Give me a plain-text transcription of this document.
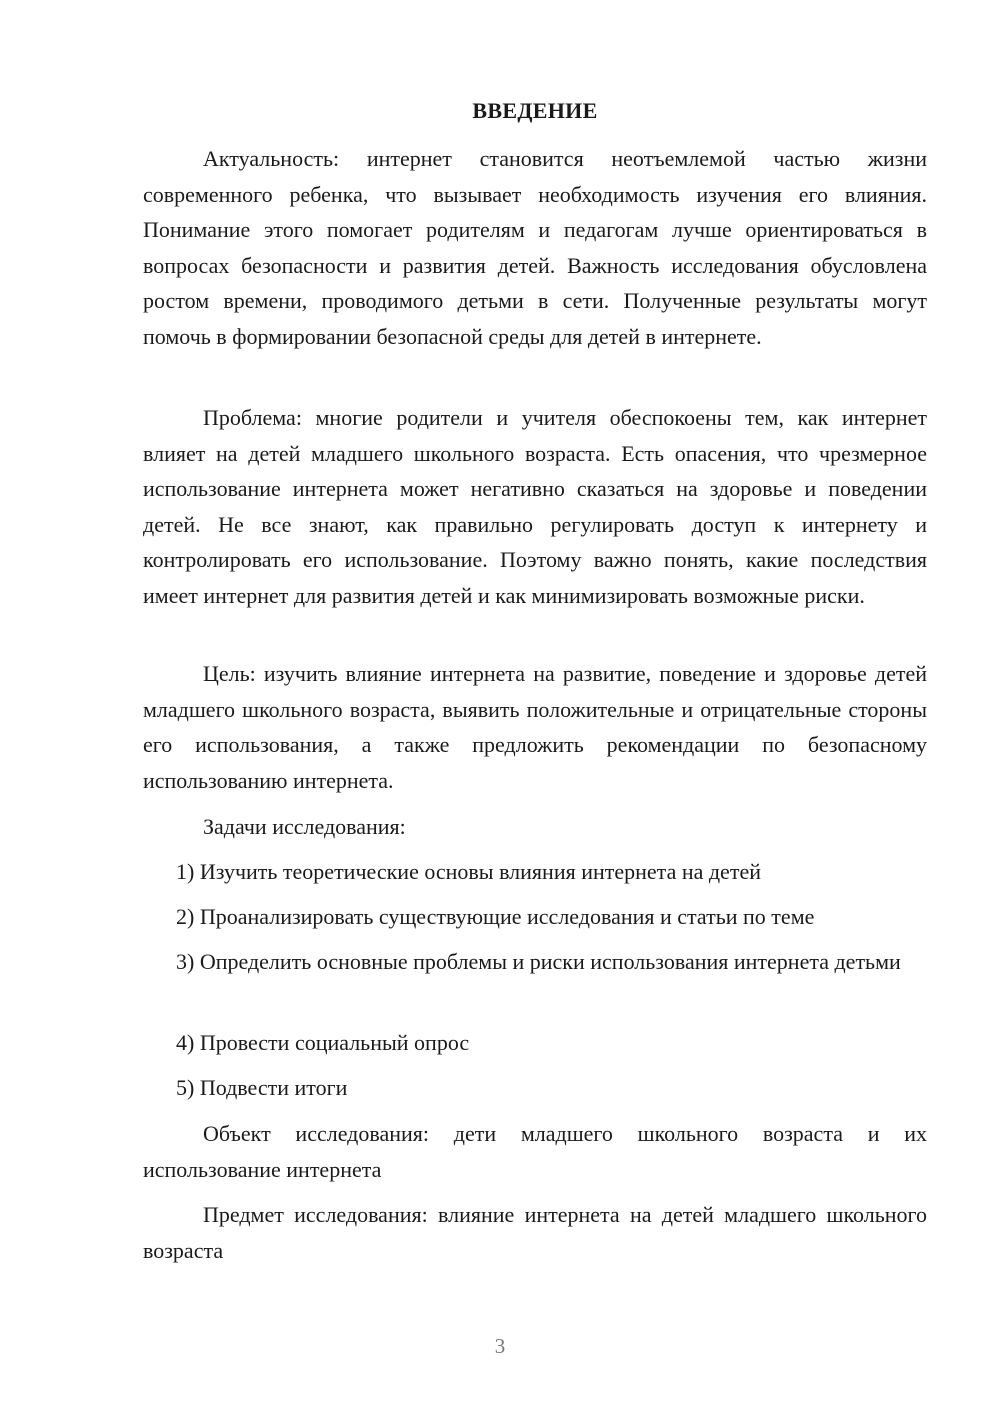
ВВЕДЕНИЕ

Актуальность: интернет становится неотъемлемой частью жизни современного ребенка, что вызывает необходимость изучения его влияния. Понимание этого помогает родителям и педагогам лучше ориентироваться в вопросах безопасности и развития детей. Важность исследования обусловлена ростом времени, проводимого детьми в сети. Полученные результаты могут помочь в формировании безопасной среды для детей в интернете.

Проблема: многие родители и учителя обеспокоены тем, как интернет влияет на детей младшего школьного возраста. Есть опасения, что чрезмерное использование интернета может негативно сказаться на здоровье и поведении детей. Не все знают, как правильно регулировать доступ к интернету и контролировать его использование. Поэтому важно понять, какие последствия имеет интернет для развития детей и как минимизировать возможные риски.

Цель: изучить влияние интернета на развитие, поведение и здоровье детей младшего школьного возраста, выявить положительные и отрицательные стороны его использования, а также предложить рекомендации по безопасному использованию интернета.

Задачи исследования:

1) Изучить теоретические основы влияния интернета на детей

2) Проанализировать существующие исследования и статьи по теме

3) Определить основные проблемы и риски использования интернета детьми

4) Провести социальный опрос

5) Подвести итоги

Объект исследования: дети младшего школьного возраста и их использование интернета

Предмет исследования: влияние интернета на детей младшего школьного возраста

3
